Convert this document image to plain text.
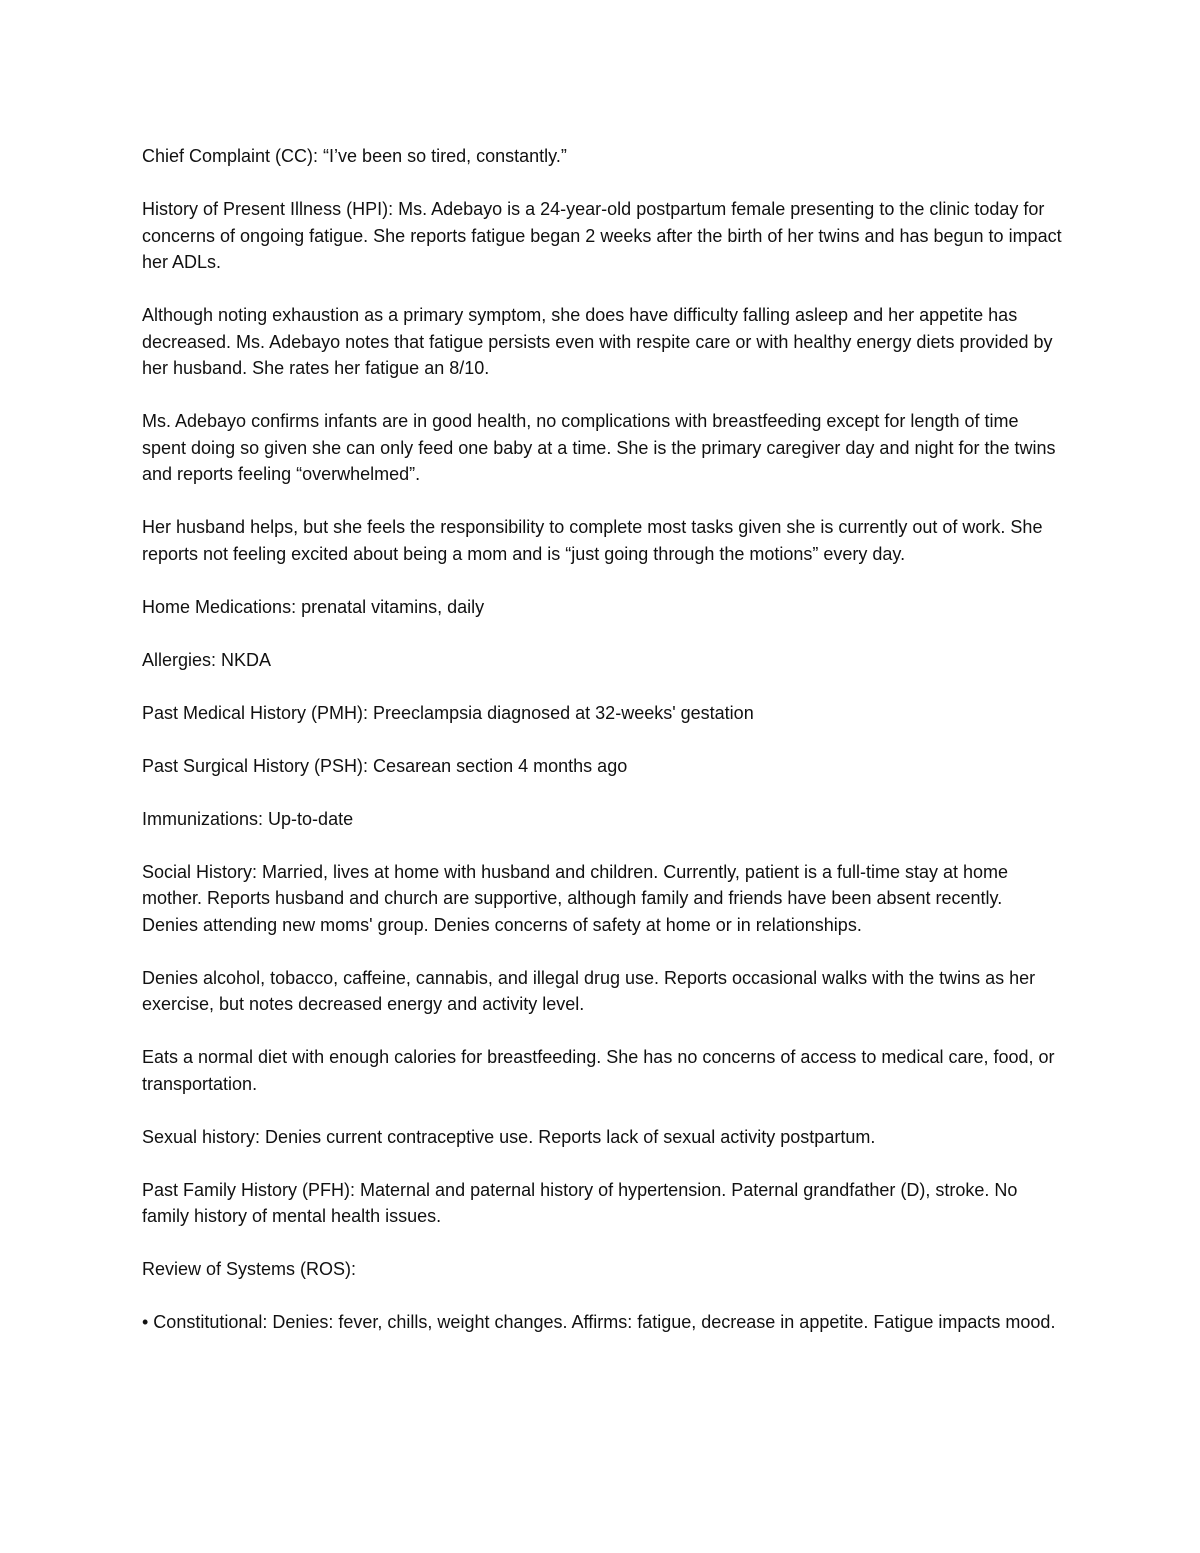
Chief Complaint (CC): “I’ve been so tired, constantly.”

History of Present Illness (HPI): Ms. Adebayo is a 24-year-old postpartum female presenting to the clinic today for concerns of ongoing fatigue. She reports fatigue began 2 weeks after the birth of her twins and has begun to impact her ADLs.

Although noting exhaustion as a primary symptom, she does have difficulty falling asleep and her appetite has decreased. Ms. Adebayo notes that fatigue persists even with respite care or with healthy energy diets provided by her husband. She rates her fatigue an 8/10.

Ms. Adebayo confirms infants are in good health, no complications with breastfeeding except for length of time spent doing so given she can only feed one baby at a time. She is the primary caregiver day and night for the twins and reports feeling “overwhelmed”.

Her husband helps, but she feels the responsibility to complete most tasks given she is currently out of work. She reports not feeling excited about being a mom and is “just going through the motions” every day.

Home Medications: prenatal vitamins, daily

Allergies: NKDA

Past Medical History (PMH): Preeclampsia diagnosed at 32-weeks' gestation

Past Surgical History (PSH): Cesarean section 4 months ago

Immunizations: Up-to-date

Social History: Married, lives at home with husband and children. Currently, patient is a full-time stay at home mother. Reports husband and church are supportive, although family and friends have been absent recently. Denies attending new moms' group. Denies concerns of safety at home or in relationships.

Denies alcohol, tobacco, caffeine, cannabis, and illegal drug use. Reports occasional walks with the twins as her exercise, but notes decreased energy and activity level.

Eats a normal diet with enough calories for breastfeeding. She has no concerns of access to medical care, food, or transportation.

Sexual history: Denies current contraceptive use. Reports lack of sexual activity postpartum.

Past Family History (PFH): Maternal and paternal history of hypertension. Paternal grandfather (D), stroke. No family history of mental health issues.

Review of Systems (ROS):

• Constitutional: Denies: fever, chills, weight changes. Affirms: fatigue, decrease in appetite. Fatigue impacts mood.
